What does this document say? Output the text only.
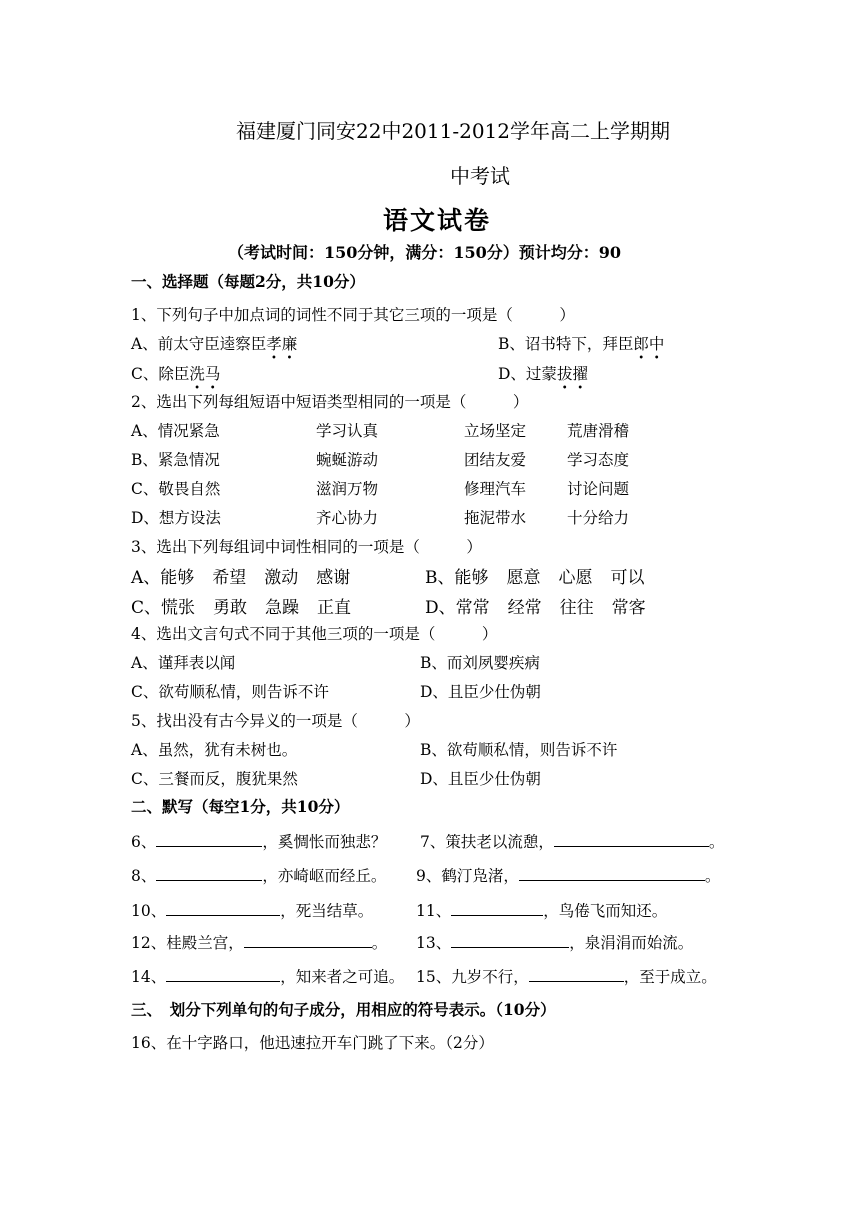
福建厦门同安22中2011-2012学年高二上学期期
中考试
语文试卷
（考试时间：150分钟，满分：150分）预计均分：90
一、选择题（每题2分，共10分）
1、下列句子中加点词的词性不同于其它三项的一项是（　　　）
A、前太守臣逵察臣孝廉	B、诏书特下，拜臣郎中
C、除臣洗马	D、过蒙拔擢
2、选出下列每组短语中短语类型相同的一项是（　　　）
A、情况紧急	学习认真	立场坚定	荒唐滑稽
B、紧急情况	蜿蜒游动	团结友爱	学习态度
C、敬畏自然	滋润万物	修理汽车	讨论问题
D、想方设法	齐心协力	拖泥带水	十分给力
3、选出下列每组词中词性相同的一项是（　　　）
A、能够 希望 激动 感谢	B、能够 愿意 心愿 可以
C、慌张 勇敢 急躁 正直	D、常常 经常 往往 常客
4、选出文言句式不同于其他三项的一项是（　　　）
A、谨拜表以闻	B、而刘夙婴疾病
C、欲苟顺私情，则告诉不许	D、且臣少仕伪朝
5、找出没有古今异义的一项是（　　　）
A、虽然，犹有未树也。	B、欲苟顺私情，则告诉不许
C、三餐而反，腹犹果然	D、且臣少仕伪朝
二、默写（每空1分，共10分）
6、	，奚惆怅而独悲？ 7、策扶老以流憩，	。
8、	，亦崎岖而经丘。 9、鹤汀凫渚，	。
10、	，死当结草。	11、	，鸟倦飞而知还。
12、桂殿兰宫，	。 13、	，泉涓涓而始流。
14、	，知来者之可追。 15、九岁不行，	，至于成立。
三、　划分下列单句的句子成分，用相应的符号表示。（10分）
16、在十字路口，他迅速拉开车门跳了下来。（2分）
